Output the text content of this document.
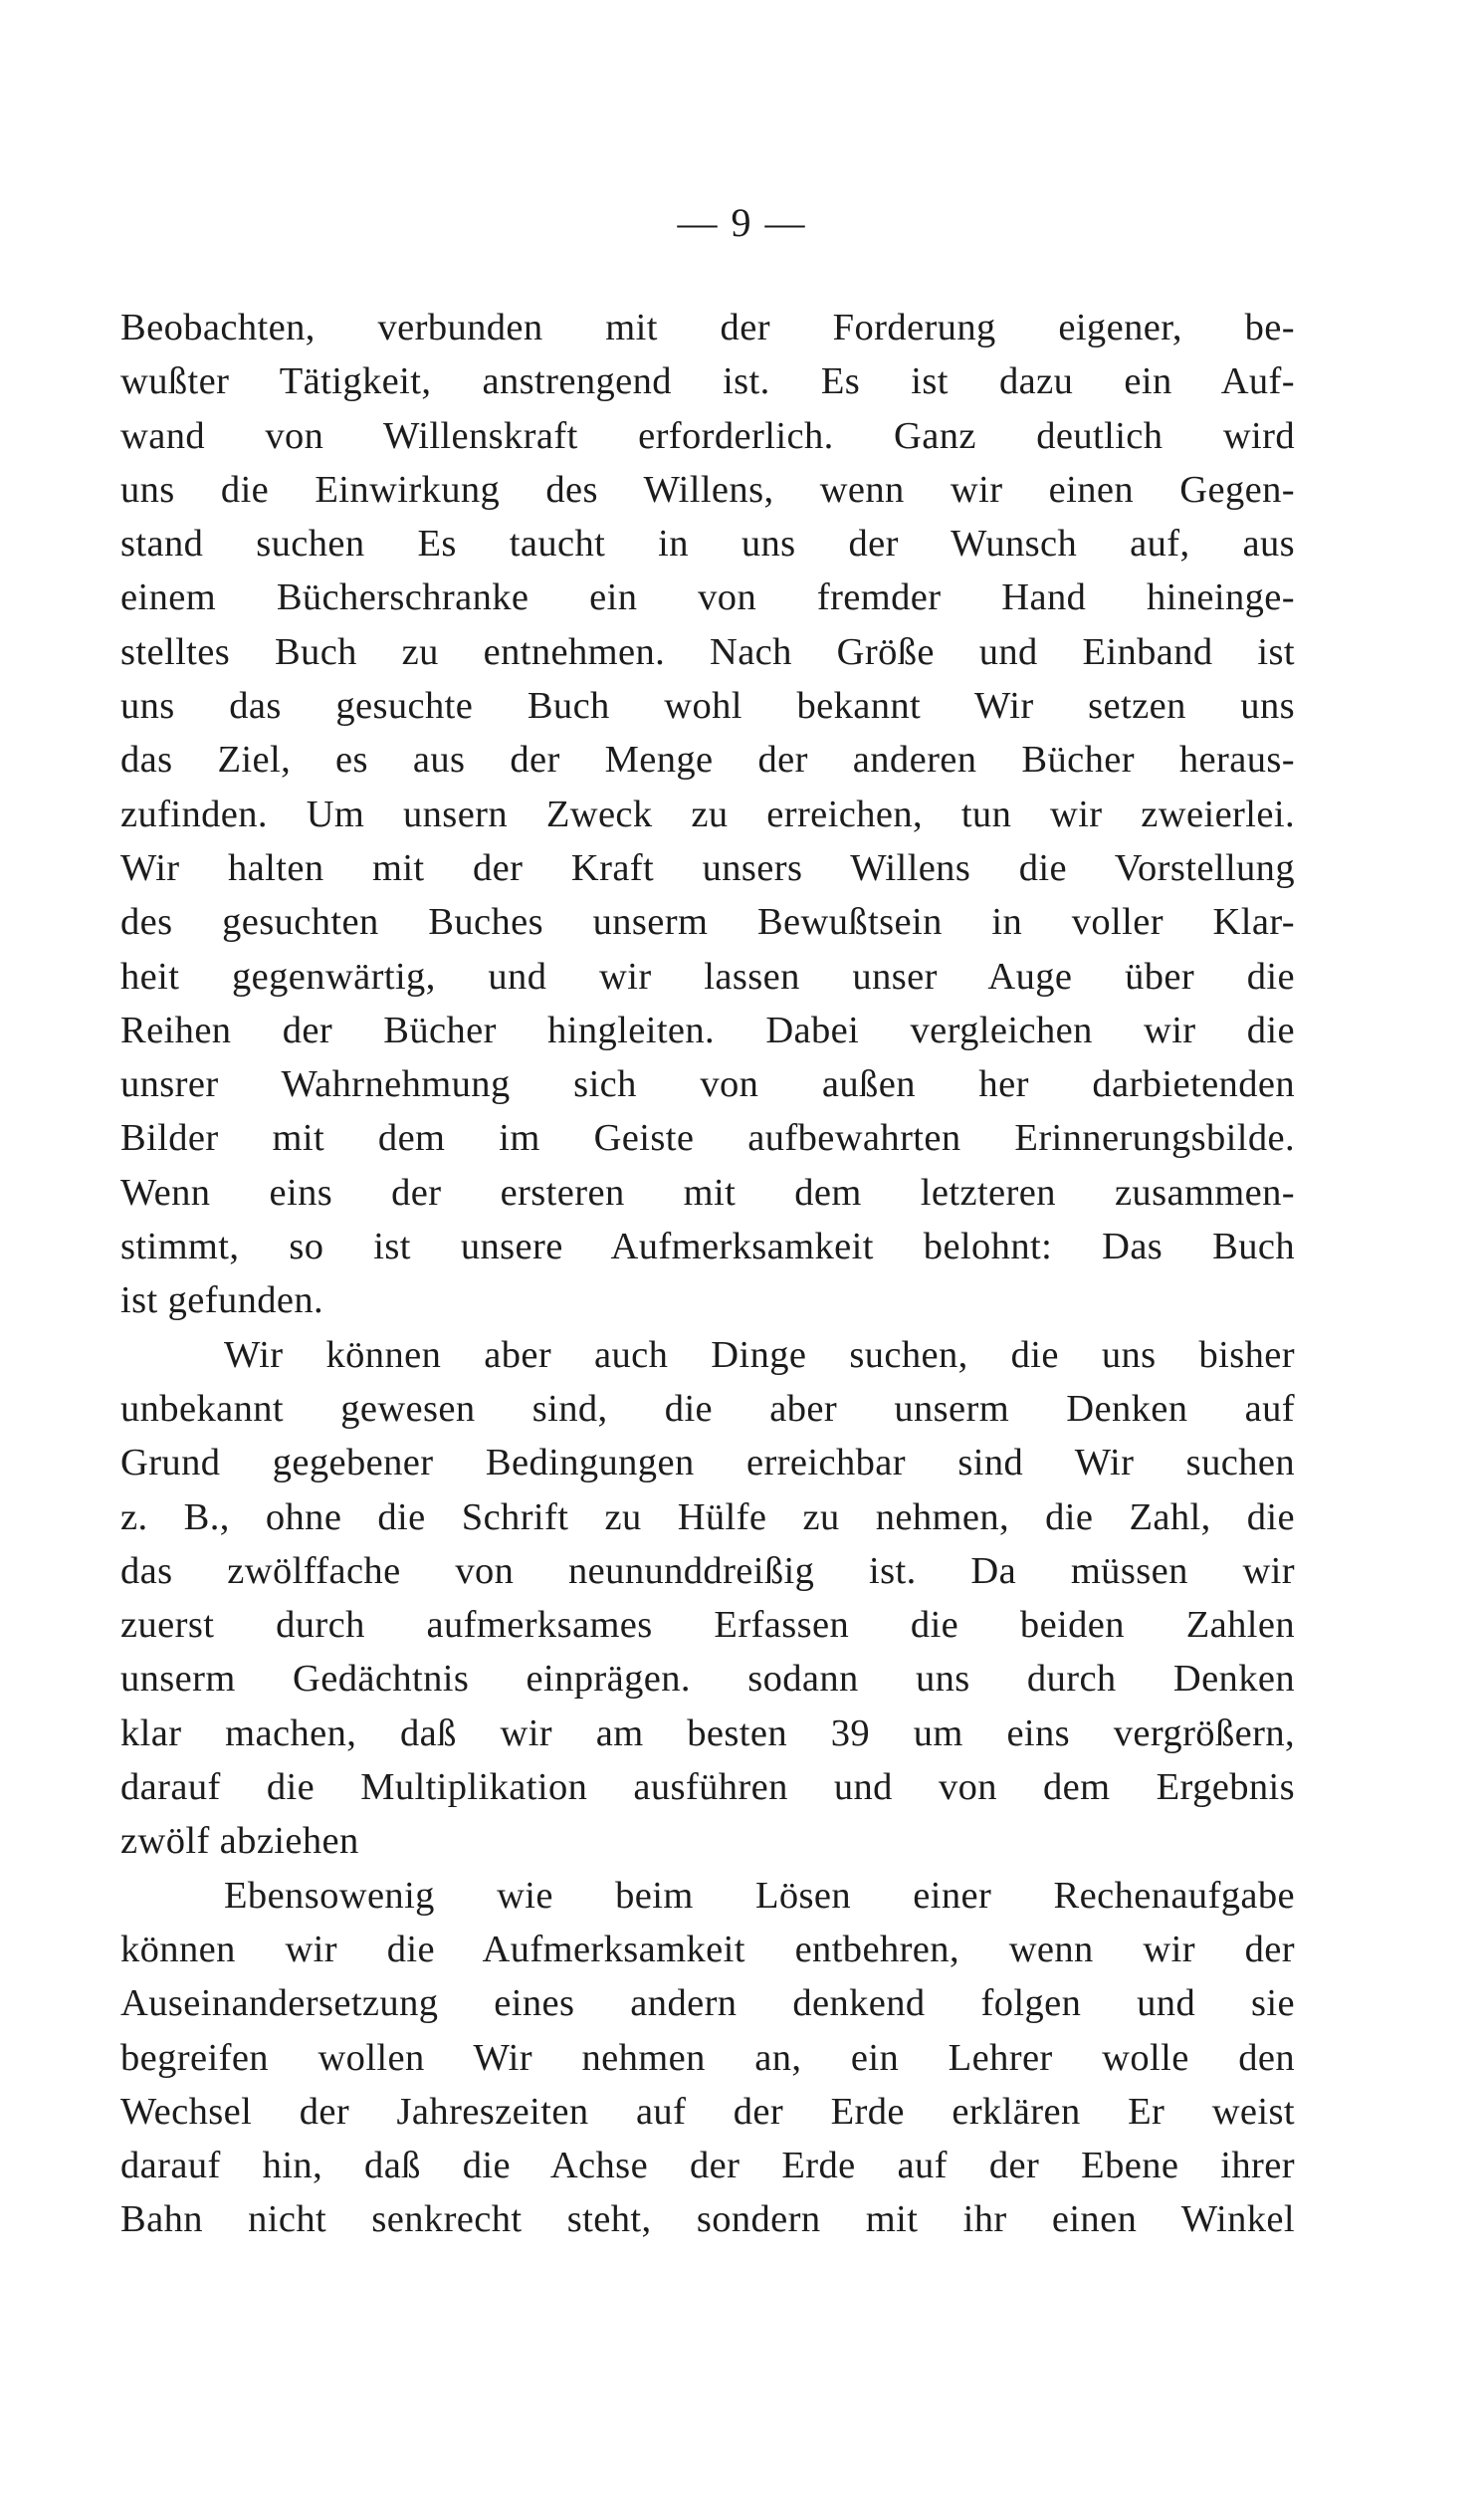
— 9 —
Beobachten, verbunden mit der Forderung eigener, be-
wußter Tätigkeit, anstrengend ist. Es ist dazu ein Auf-
wand von Willenskraft erforderlich. Ganz deutlich wird
uns die Einwirkung des Willens, wenn wir einen Gegen-
stand suchen Es taucht in uns der Wunsch auf, aus
einem Bücherschranke ein von fremder Hand hineinge-
stelltes Buch zu entnehmen. Nach Größe und Einband ist
uns das gesuchte Buch wohl bekannt Wir setzen uns
das Ziel, es aus der Menge der anderen Bücher heraus-
zufinden. Um unsern Zweck zu erreichen, tun wir zweierlei.
Wir halten mit der Kraft unsers Willens die Vorstellung
des gesuchten Buches unserm Bewußtsein in voller Klar-
heit gegenwärtig, und wir lassen unser Auge über die
Reihen der Bücher hingleiten. Dabei vergleichen wir die
unsrer Wahrnehmung sich von außen her darbietenden
Bilder mit dem im Geiste aufbewahrten Erinnerungsbilde.
Wenn eins der ersteren mit dem letzteren zusammen-
stimmt, so ist unsere Aufmerksamkeit belohnt: Das Buch
ist gefunden.
Wir können aber auch Dinge suchen, die uns bisher
unbekannt gewesen sind, die aber unserm Denken auf
Grund gegebener Bedingungen erreichbar sind Wir suchen
z. B., ohne die Schrift zu Hülfe zu nehmen, die Zahl, die
das zwölffache von neununddreißig ist. Da müssen wir
zuerst durch aufmerksames Erfassen die beiden Zahlen
unserm Gedächtnis einprägen. sodann uns durch Denken
klar machen, daß wir am besten 39 um eins vergrößern,
darauf die Multiplikation ausführen und von dem Ergebnis
zwölf abziehen
Ebensowenig wie beim Lösen einer Rechenaufgabe
können wir die Aufmerksamkeit entbehren, wenn wir der
Auseinandersetzung eines andern denkend folgen und sie
begreifen wollen Wir nehmen an, ein Lehrer wolle den
Wechsel der Jahreszeiten auf der Erde erklären Er weist
darauf hin, daß die Achse der Erde auf der Ebene ihrer
Bahn nicht senkrecht steht, sondern mit ihr einen Winkel
